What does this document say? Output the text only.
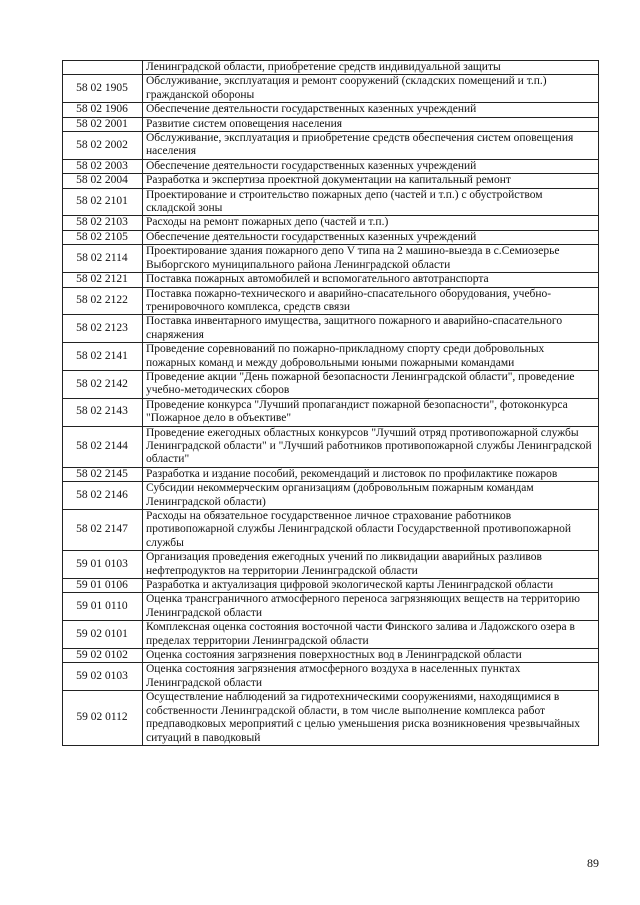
	Ленинградской области, приобретение средств индивидуальной защиты
58 02 1905	Обслуживание, эксплуатация и ремонт сооружений (складских помещений и т.п.) гражданской обороны
58 02 1906	Обеспечение деятельности государственных казенных учреждений
58 02 2001	Развитие систем оповещения населения
58 02 2002	Обслуживание, эксплуатация и приобретение средств обеспечения систем оповещения населения
58 02 2003	Обеспечение деятельности государственных казенных учреждений
58 02 2004	Разработка и экспертиза проектной документации на капитальный ремонт
58 02 2101	Проектирование и строительство пожарных депо (частей и т.п.) с обустройством складской зоны
58 02 2103	Расходы на ремонт пожарных депо (частей и т.п.)
58 02 2105	Обеспечение деятельности государственных казенных учреждений
58 02 2114	Проектирование здания пожарного депо V типа на 2 машино-выезда в с.Семиозерье Выборгского муниципального района Ленинградской области
58 02 2121	Поставка пожарных автомобилей и вспомогательного автотранспорта
58 02 2122	Поставка пожарно-технического и аварийно-спасательного оборудования, учебно-тренировочного комплекса, средств связи
58 02 2123	Поставка инвентарного имущества, защитного пожарного и аварийно-спасательного снаряжения
58 02 2141	Проведение соревнований по пожарно-прикладному спорту среди добровольных пожарных команд и между добровольными юными пожарными командами
58 02 2142	Проведение акции "День пожарной безопасности Ленинградской области", проведение учебно-методических сборов
58 02 2143	Проведение конкурса "Лучший пропагандист пожарной безопасности", фотоконкурса "Пожарное дело в объективе"
58 02 2144	Проведение ежегодных областных конкурсов "Лучший отряд противопожарной службы Ленинградской области" и "Лучший работников противопожарной службы Ленинградской области"
58 02 2145	Разработка и издание пособий, рекомендаций и листовок по профилактике пожаров
58 02 2146	Субсидии некоммерческим организациям (добровольным пожарным командам Ленинградской области)
58 02 2147	Расходы на обязательное государственное личное страхование работников противопожарной службы Ленинградской области Государственной противопожарной службы
59 01 0103	Организация проведения ежегодных учений по ликвидации аварийных разливов нефтепродуктов на территории Ленинградской области
59 01 0106	Разработка и актуализация цифровой экологической карты Ленинградской области
59 01 0110	Оценка трансграничного атмосферного переноса загрязняющих веществ на территорию Ленинградской области
59 02 0101	Комплексная оценка состояния восточной части Финского залива и Ладожского озера в пределах территории Ленинградской области
59 02 0102	Оценка состояния загрязнения поверхностных вод в Ленинградской области
59 02 0103	Оценка состояния загрязнения атмосферного воздуха в населенных пунктах Ленинградской области
59 02 0112	Осуществление наблюдений за гидротехническими сооружениями, находящимися в собственности Ленинградской области, в том числе выполнение комплекса работ предпаводковых мероприятий с целью уменьшения риска возникновения чрезвычайных ситуаций в паводковый
89
